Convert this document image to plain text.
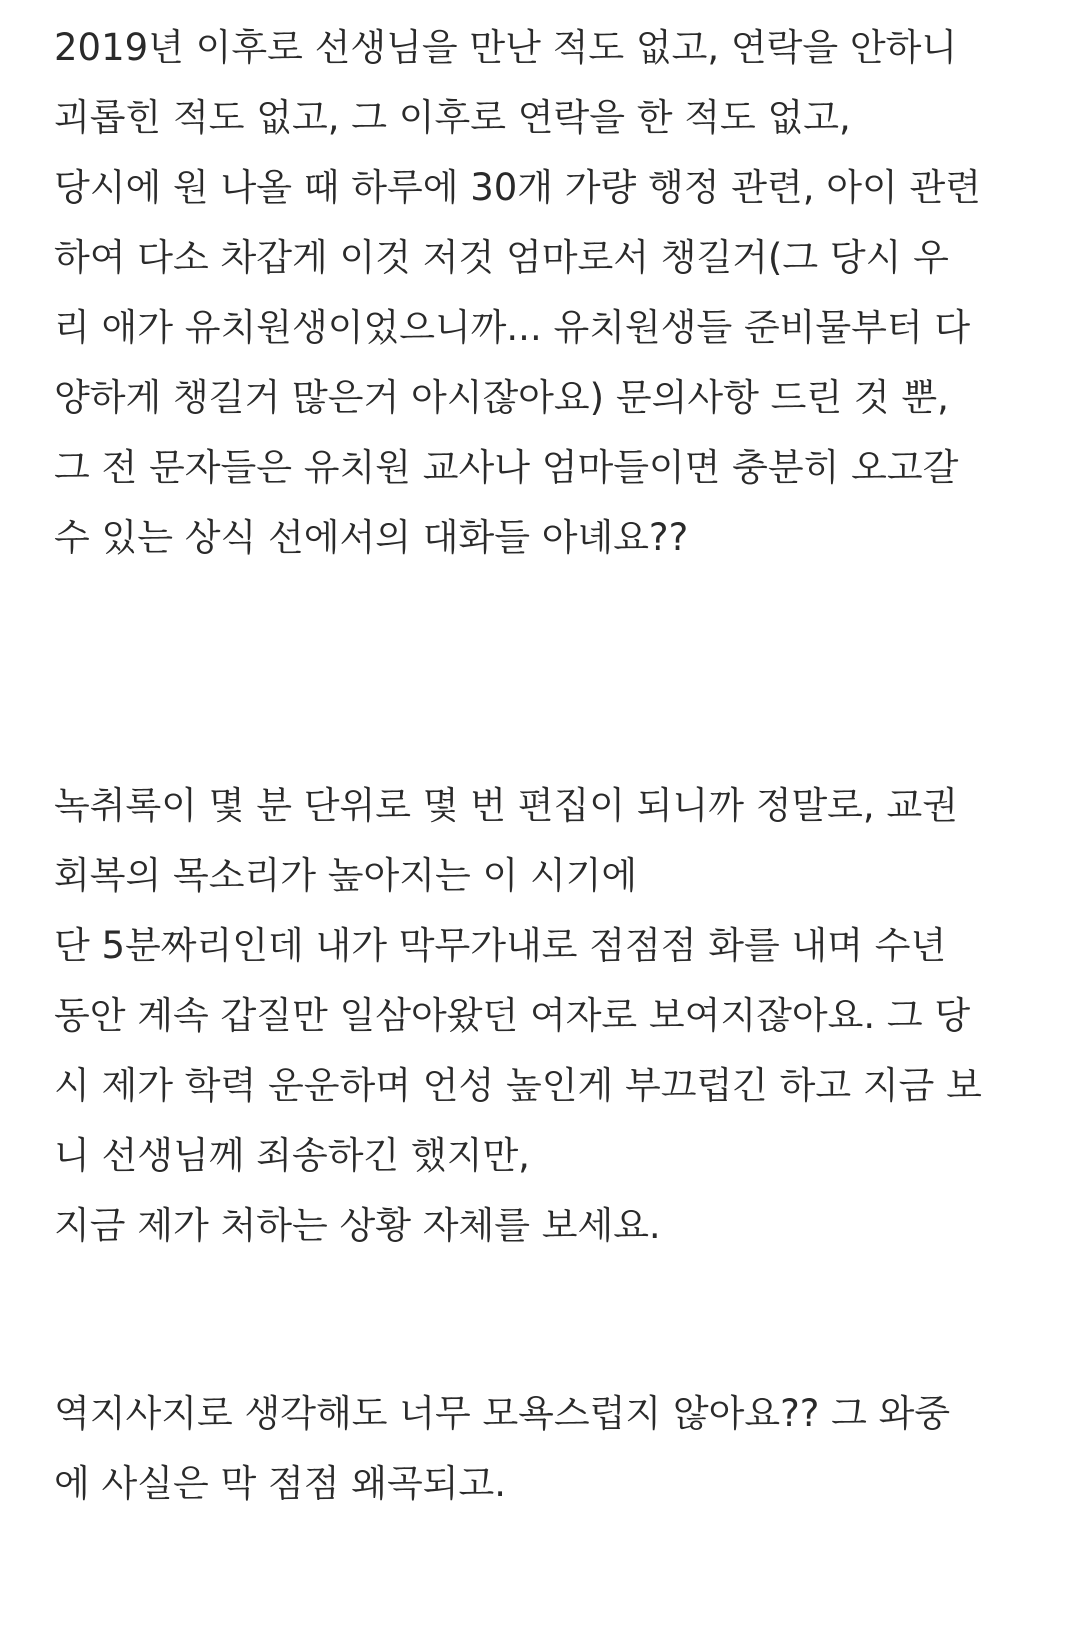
2019년 이후로 선생님을 만난 적도 없고, 연락을 안하니
괴롭힌 적도 없고, 그 이후로 연락을 한 적도 없고,
당시에 원 나올 때 하루에 30개 가량 행정 관련, 아이 관련
하여 다소 차갑게 이것 저것 엄마로서 챙길거(그 당시 우
리 애가 유치원생이었으니까... 유치원생들 준비물부터 다
양하게 챙길거 많은거 아시잖아요) 문의사항 드린 것 뿐,
그 전 문자들은 유치원 교사나 엄마들이면 충분히 오고갈
수 있는 상식 선에서의 대화들 아녜요??
녹취록이 몇 분 단위로 몇 번 편집이 되니까 정말로, 교권
회복의 목소리가 높아지는 이 시기에
단 5분짜리인데 내가 막무가내로 점점점 화를 내며 수년
동안 계속 갑질만 일삼아왔던 여자로 보여지잖아요. 그 당
시 제가 학력 운운하며 언성 높인게 부끄럽긴 하고 지금 보
니 선생님께 죄송하긴 했지만,
지금 제가 처하는 상황 자체를 보세요.
역지사지로 생각해도 너무 모욕스럽지 않아요?? 그 와중
에 사실은 막 점점 왜곡되고.
